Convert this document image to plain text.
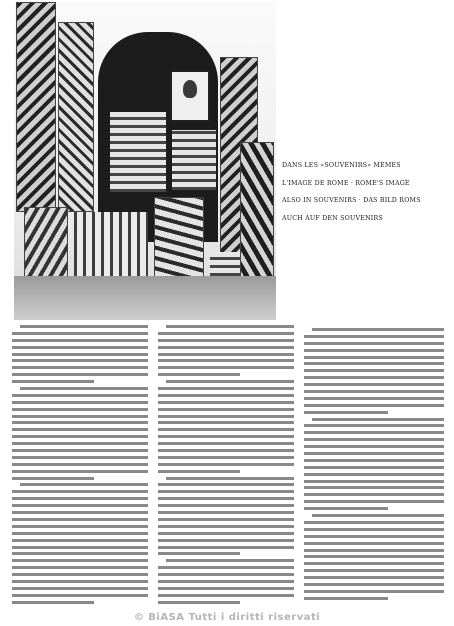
DANS LES «SOUVENIRS» MEMES
L'IMAGE DE ROME · ROME'S IMAGE
ALSO IN SOUVENIRS · DAS BILD ROMS
AUCH AUF DEN SOUVENIRS
© BiASA Tutti i diritti riservati
